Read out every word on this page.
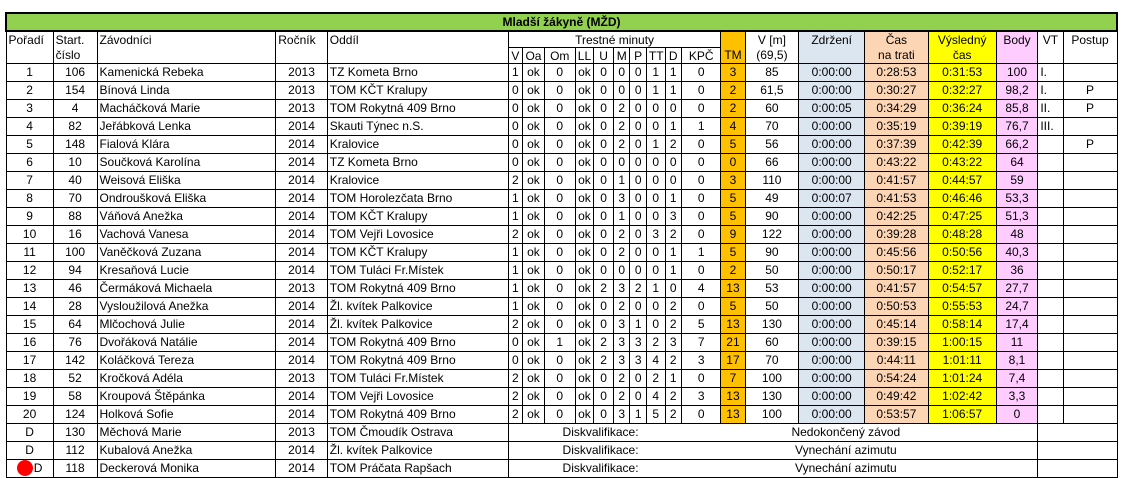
Mladší žákyně (MŽD)																						
Pořadí	Start.	Závodníci	Ročník	Oddíl	Trestné minuty											V [m]	Zdržení	Čas	Výsledný	Body	VT	Postup
	číslo				V	Oa	Om	LL	U	M	P	TT	D	KPČ	TM	(69,5)		na trati	čas			
1	106	Kamenická Rebeka	2013	TZ Kometa Brno	1	ok	0	ok	0	0	0	1	1	0	3	85	0:00:00	0:28:53	0:31:53	100	I.	
2	154	Bínová Linda	2013	TOM KČT Kralupy	0	ok	0	ok	0	0	0	1	1	0	2	61,5	0:00:00	0:30:27	0:32:27	98,2	I.	P
3	4	Macháčková Marie	2013	TOM Rokytná 409 Brno	0	ok	0	ok	0	2	0	0	0	0	2	60	0:00:05	0:34:29	0:36:24	85,8	II.	P
4	82	Jeřábková Lenka	2014	Skauti Týnec n.S.	0	ok	0	ok	0	2	0	0	1	1	4	70	0:00:00	0:35:19	0:39:19	76,7	III.	
5	148	Fialová Klára	2014	Kralovice	0	ok	0	ok	0	2	0	1	2	0	5	56	0:00:00	0:37:39	0:42:39	66,2		P
6	10	Součková Karolína	2014	TZ Kometa Brno	0	ok	0	ok	0	0	0	0	0	0	0	66	0:00:00	0:43:22	0:43:22	64		
7	40	Weisová Eliška	2014	Kralovice	2	ok	0	ok	0	1	0	0	0	0	3	110	0:00:00	0:41:57	0:44:57	59		
8	70	Ondroušková Eliška	2014	TOM Horolezčata Brno	1	ok	0	ok	0	3	0	0	1	0	5	49	0:00:07	0:41:53	0:46:46	53,3		
9	88	Váňová Anežka	2014	TOM KČT Kralupy	1	ok	0	ok	0	1	0	0	3	0	5	90	0:00:00	0:42:25	0:47:25	51,3		
10	16	Vachová Vanesa	2014	TOM Vejři Lovosice	2	ok	0	ok	0	2	0	3	2	0	9	122	0:00:00	0:39:28	0:48:28	48		
11	100	Vaněčková Zuzana	2014	TOM KČT Kralupy	1	ok	0	ok	0	2	0	0	1	1	5	90	0:00:00	0:45:56	0:50:56	40,3		
12	94	Kresaňová Lucie	2014	TOM Tuláci Fr.Místek	1	ok	0	ok	0	0	0	0	1	0	2	50	0:00:00	0:50:17	0:52:17	36		
13	46	Čermáková Michaela	2013	TOM Rokytná 409 Brno	1	ok	0	ok	2	3	2	1	0	4	13	53	0:00:00	0:41:57	0:54:57	27,7		
14	28	Vysloužilová Anežka	2014	Žl. kvítek Palkovice	1	ok	0	ok	0	2	0	0	2	0	5	50	0:00:00	0:50:53	0:55:53	24,7		
15	64	Mlčochová Julie	2014	Žl. kvítek Palkovice	2	ok	0	ok	0	3	1	0	2	5	13	130	0:00:00	0:45:14	0:58:14	17,4		
16	76	Dvořáková Natálie	2014	TOM Rokytná 409 Brno	0	ok	1	ok	2	3	3	2	3	7	21	60	0:00:00	0:39:15	1:00:15	11		
17	142	Koláčková Tereza	2014	TOM Rokytná 409 Brno	0	ok	0	ok	2	3	3	4	2	3	17	70	0:00:00	0:44:11	1:01:11	8,1		
18	52	Kročková Adéla	2013	TOM Tuláci Fr.Místek	2	ok	0	ok	0	2	0	2	1	0	7	100	0:00:00	0:54:24	1:01:24	7,4		
19	58	Kroupová Štěpánka	2014	TOM Vejři Lovosice	2	ok	0	ok	0	2	0	4	2	3	13	130	0:00:00	0:49:42	1:02:42	3,3		
20	124	Holková Sofie	2014	TOM Rokytná 409 Brno	2	ok	0	ok	0	3	1	5	2	0	13	100	0:00:00	0:53:57	1:06:57	0		
D	130	Měchová Marie	2013	TOM Čmoudík Ostrava	Diskvalifikace:							Nedokončený závod										
D	112	Kubalová Anežka	2014	Žl. kvítek Palkovice	Diskvalifikace:							Vynechání azimutu										
D	118	Deckerová Monika	2014	TOM Práčata Rapšach	Diskvalifikace:							Vynechání azimutu										
